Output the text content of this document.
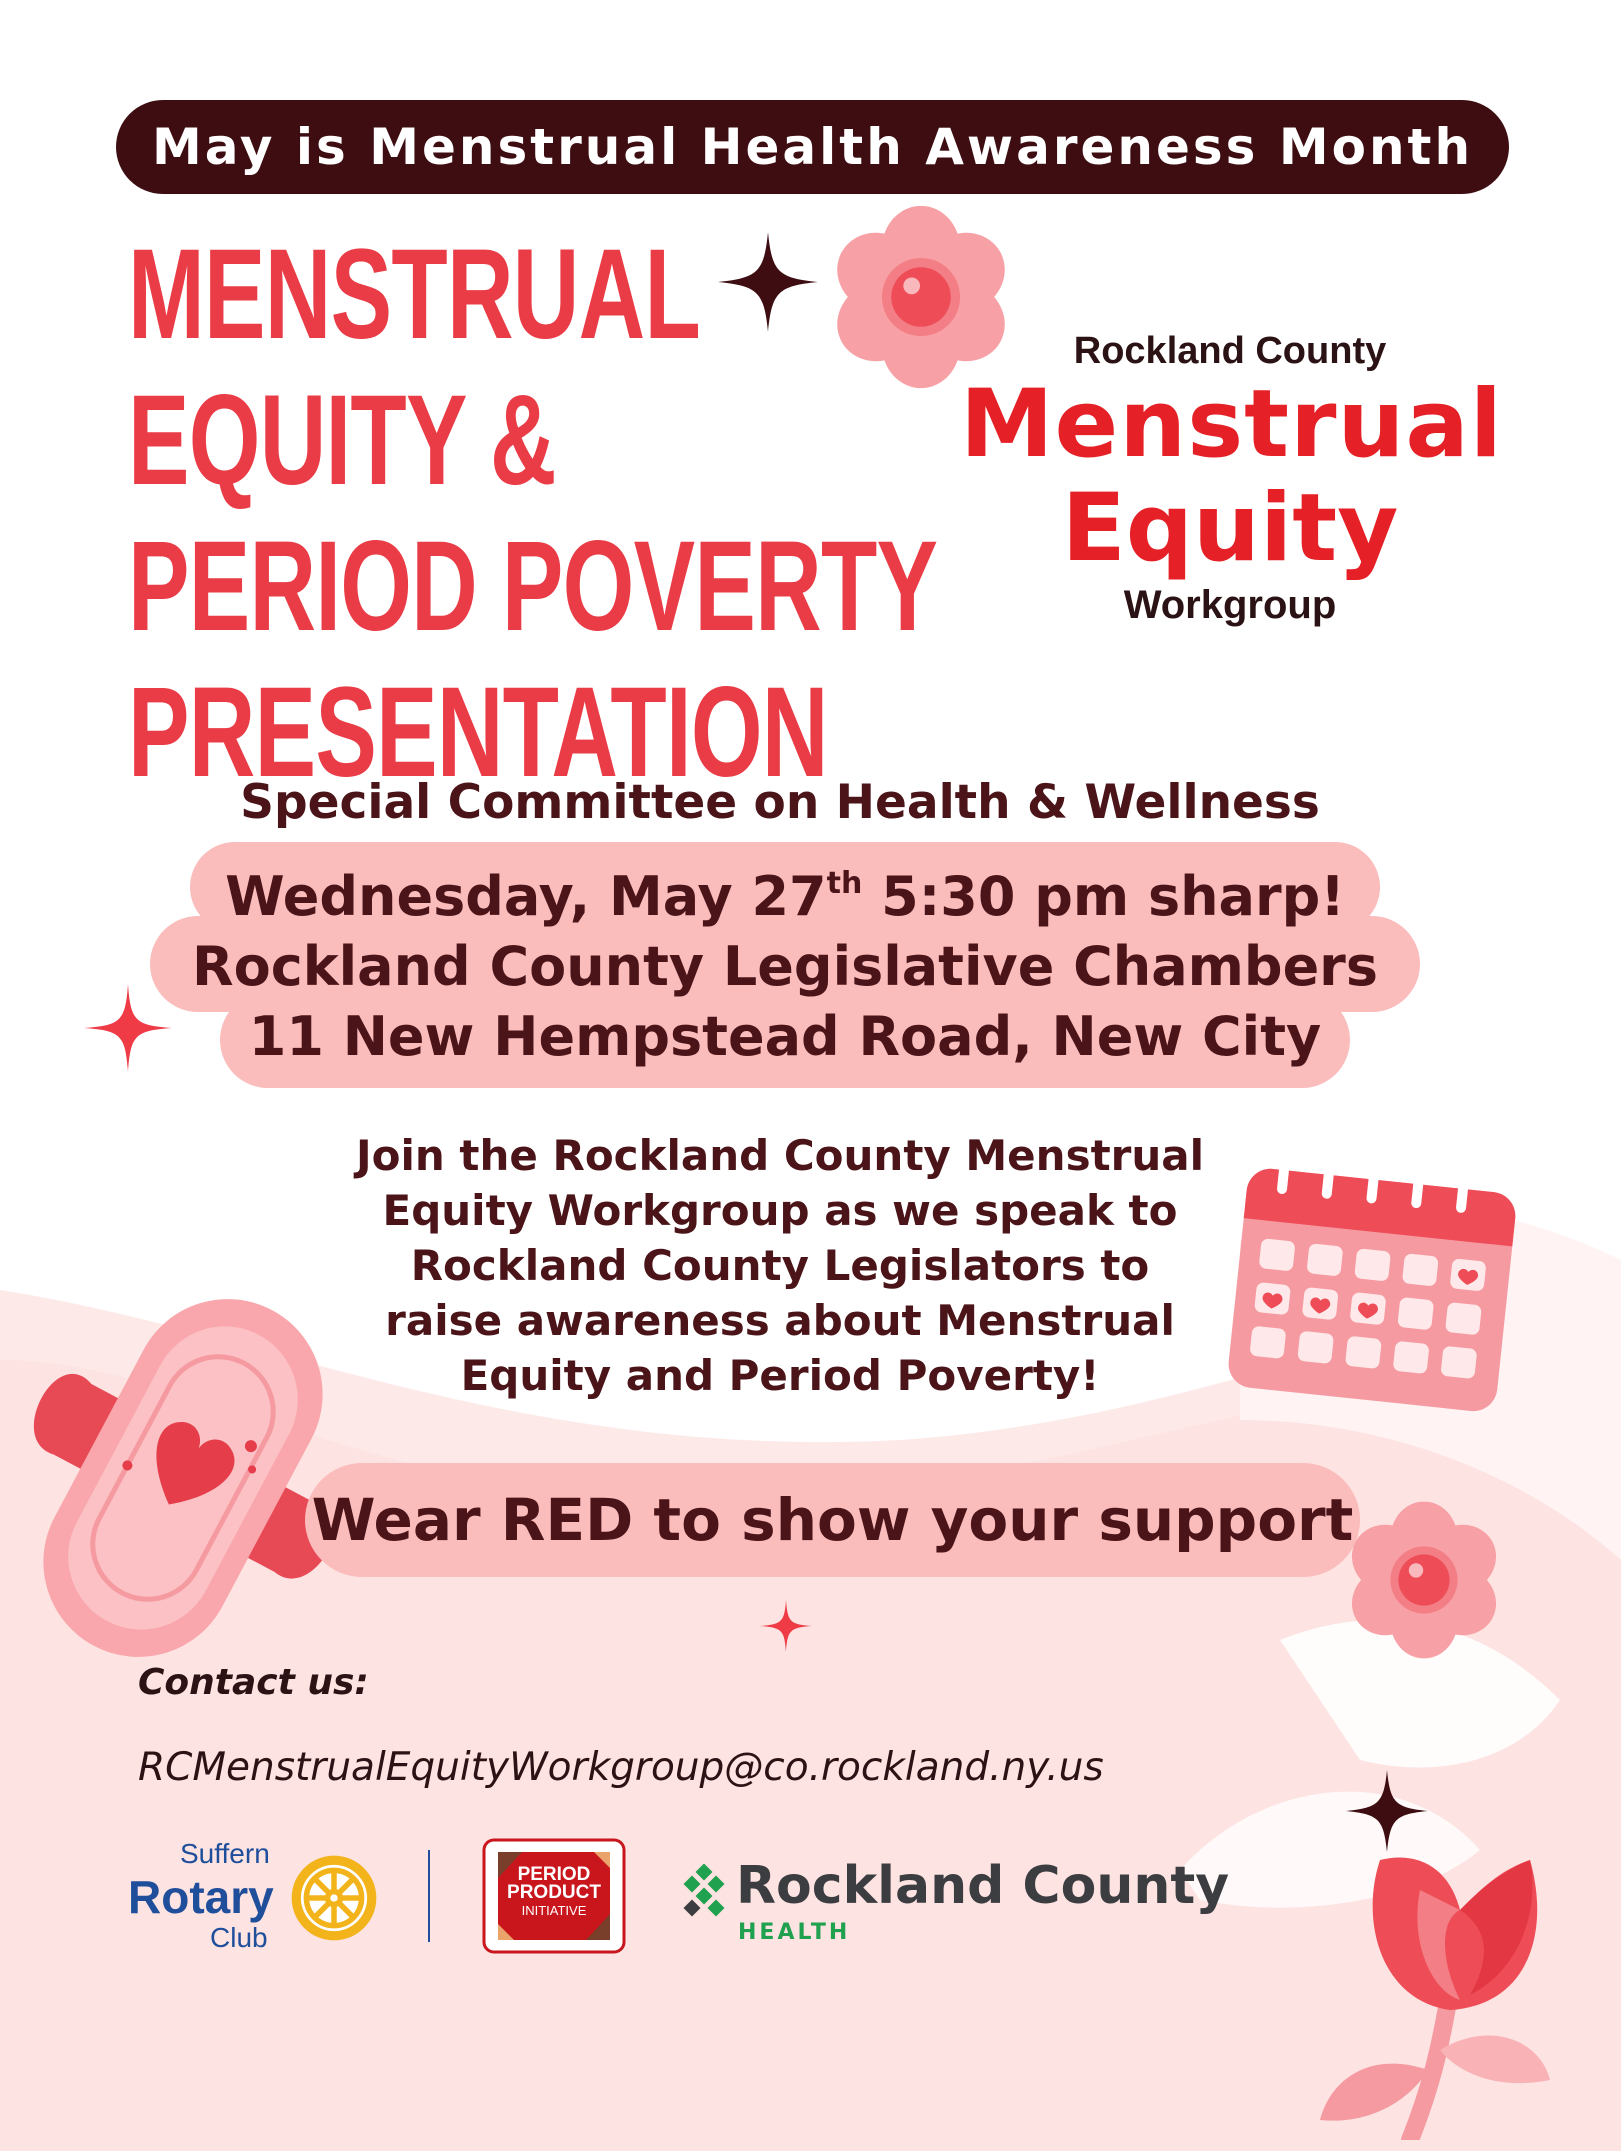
May is Menstrual Health Awareness Month
MENSTRUAL
EQUITY &
PERIOD POVERTY
PRESENTATION
Rockland County
Menstrual
Equity
Workgroup
Special Committee on Health & Wellness
Wednesday, May 27th 5:30 pm sharp!
Rockland County Legislative Chambers
11 New Hempstead Road, New City
Join the Rockland County Menstrual
Equity Workgroup as we speak to
Rockland County Legislators to
raise awareness about Menstrual
Equity and Period Poverty!
Wear RED to show your support
Contact us:
RCMenstrualEquityWorkgroup@co.rockland.ny.us
Suffern
Rotary
Club
PERIOD
PRODUCT
INITIATIVE	Rockland County
HEALTH
